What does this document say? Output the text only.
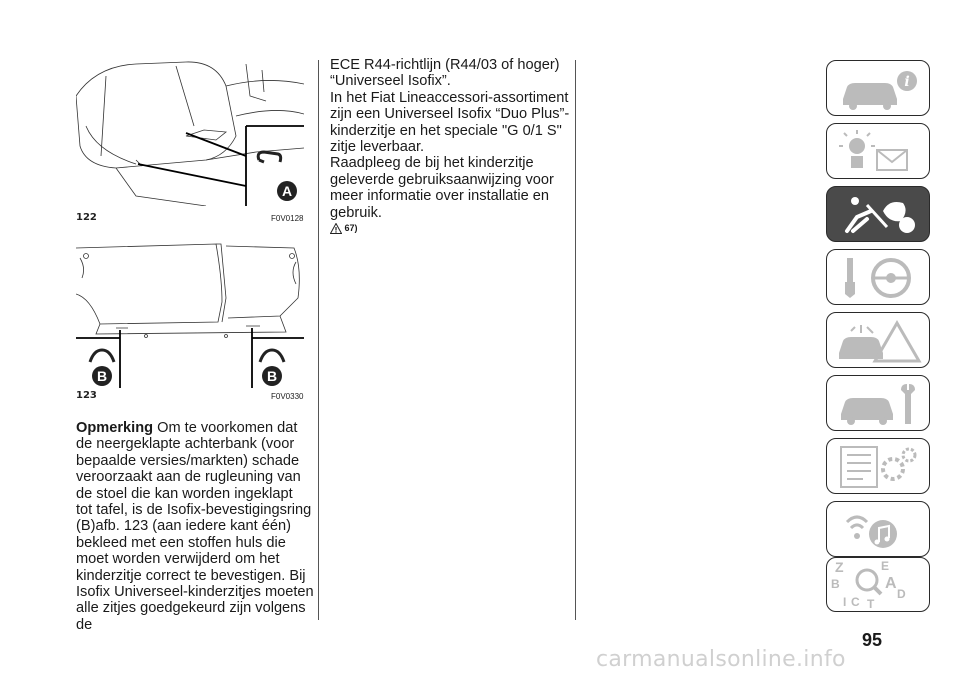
A
122	F0V0128
B	B
123	F0V0330
Opmerking Om te voorkomen dat
de neergeklapte achterbank (voor
bepaalde versies/markten) schade
veroorzaakt aan de rugleuning van
de stoel die kan worden ingeklapt
tot tafel, is de Isofix-bevestigingsring
(B)afb. 123 (aan iedere kant één)
bekleed met een stoffen huls die
moet worden verwijderd om het
kinderzitje correct te bevestigen. Bij
Isofix Universeel-kinderzitjes moeten
alle zitjes goedgekeurd zijn volgens de
ECE R44-richtlijn (R44/03 of hoger)
“Universeel Isofix”.
In het Fiat Lineaccessori-assortiment
zijn een Universeel Isofix “Duo Plus”-
kinderzitje en het speciale "G 0/1 S"
zitje leverbaar.
Raadpleeg de bij het kinderzitje
geleverde gebruiksaanwijzing voor
meer informatie over installatie en
gebruik.
67)
i
Z	E
B	A
I C T
D
95
carmanualsonline.info
